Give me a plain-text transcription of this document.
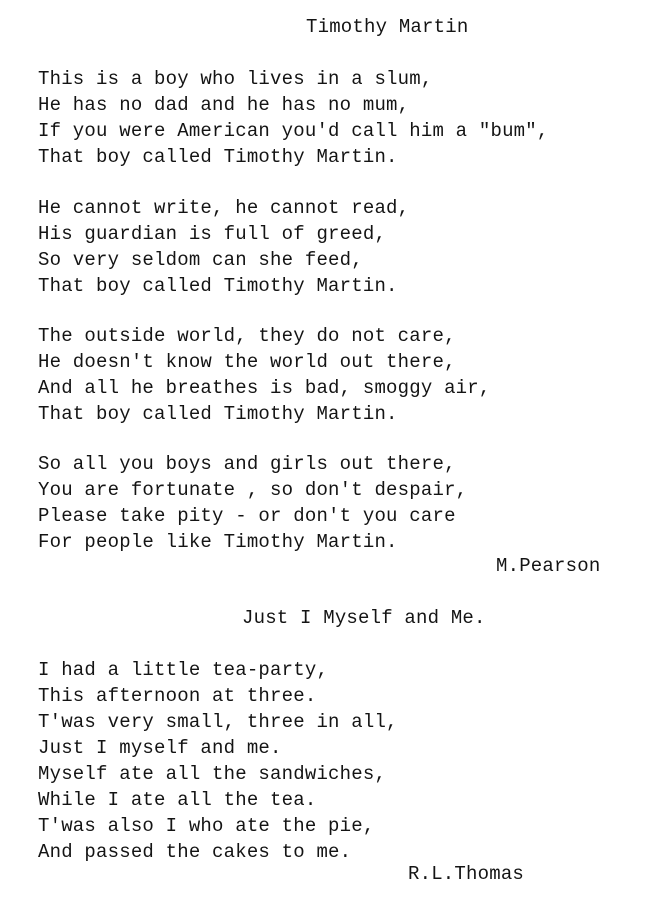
Timothy Martin
This is a boy who lives in a slum,
He has no dad and he has no mum,
If you were American you'd call him a "bum",
That boy called Timothy Martin.
He cannot write, he cannot read,
His guardian is full of greed,
So very seldom can she feed,
That boy called Timothy Martin.
The outside world, they do not care,
He doesn't know the world out there,
And all he breathes is bad, smoggy air,
That boy called Timothy Martin.
So all you boys and girls out there,
You are fortunate , so don't despair,
Please take pity - or don't you care
For people like Timothy Martin.
M.Pearson
Just I Myself and Me.
I had a little tea-party,
This afternoon at three.
T'was very small, three in all,
Just I myself and me.
Myself ate all the sandwiches,
While I ate all the tea.
T'was also I who ate the pie,
And passed the cakes to me.
R.L.Thomas
